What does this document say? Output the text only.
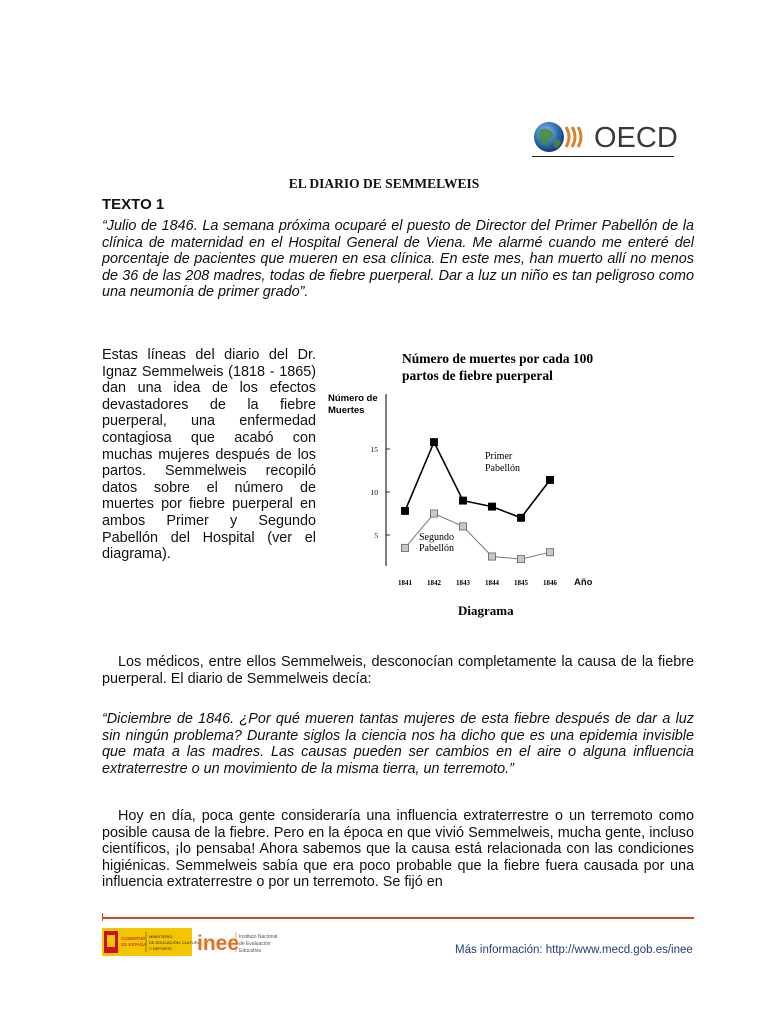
OECD
EL DIARIO DE SEMMELWEIS
TEXTO 1

“Julio de 1846. La semana próxima ocuparé el puesto de Director del Primer Pabellón de la clínica de maternidad en el Hospital General de Viena. Me alarmé cuando me enteré del porcentaje de pacientes que mueren en esa clínica. En este mes, han muerto allí no menos de 36 de las 208 madres, todas de fiebre puerperal. Dar a luz un niño es tan peligroso como una neumonía de primer grado”.

Estas líneas del diario del Dr. Ignaz Semmelweis (1818 - 1865) dan una idea de los efectos devastadores de la fiebre puerperal, una enfermedad contagiosa que acabó con muchas mujeres después de los partos. Semmelweis recopiló datos sobre el número de muertes por fiebre puerperal en ambos Primer y Segundo Pabellón del Hospital (ver el diagrama).

Número de muertes por cada 100
partos de fiebre puerperal
Número de
Muertes
5
10
15
1841 1842 1843 1844 1845 1846
Primer
Pabellón
Segundo
Pabellón
Diagrama
Año

Los médicos, entre ellos Semmelweis, desconocían completamente la causa de la fiebre puerperal. El diario de Semmelweis decía:

“Diciembre de 1846. ¿Por qué mueren tantas mujeres de esta fiebre después de dar a luz sin ningún problema? Durante siglos la ciencia nos ha dicho que es una epidemia invisible que mata a las madres. Las causas pueden ser cambios en el aire o alguna influencia extraterrestre o un movimiento de la misma tierra, un terremoto.”

Hoy en día, poca gente consideraría una influencia extraterrestre o un terremoto como posible causa de la fiebre. Pero en la época en que vivió Semmelweis, mucha gente, incluso científicos, ¡lo pensaba! Ahora sabemos que la causa está relacionada con las condiciones higiénicas. Semmelweis sabía que era poco probable que la fiebre fuera causada por una influencia extraterrestre o por un terremoto. Se fijó en

GOBIERNO
DE ESPAÑA
MINISTERIO
DE EDUCACIÓN, CULTURA
Y DEPORTE inee Instituto Nacional
de Evaluación
Educativa	Más información: http://www.mecd.gob.es/inee
